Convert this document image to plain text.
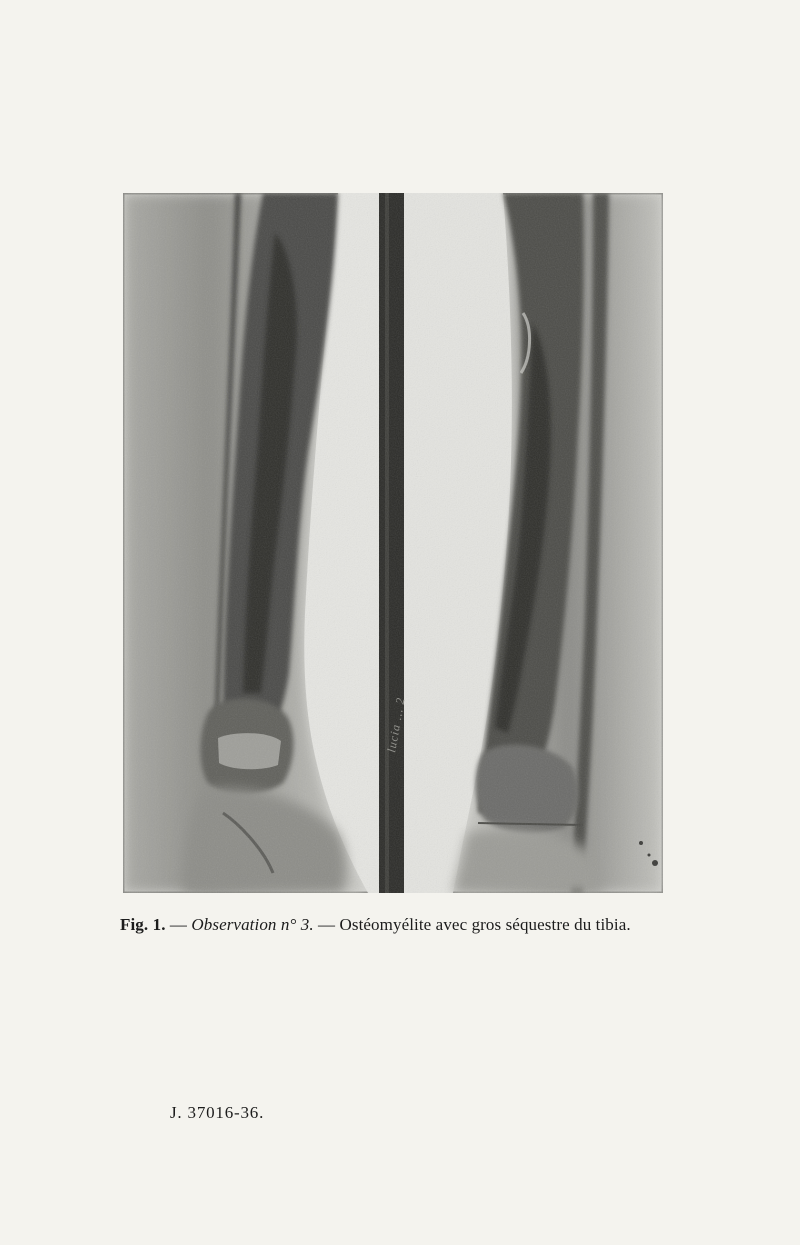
Fig. 1. — Observation n° 3. — Ostéomyélite avec gros séquestre du tibia.
J. 37016-36.
